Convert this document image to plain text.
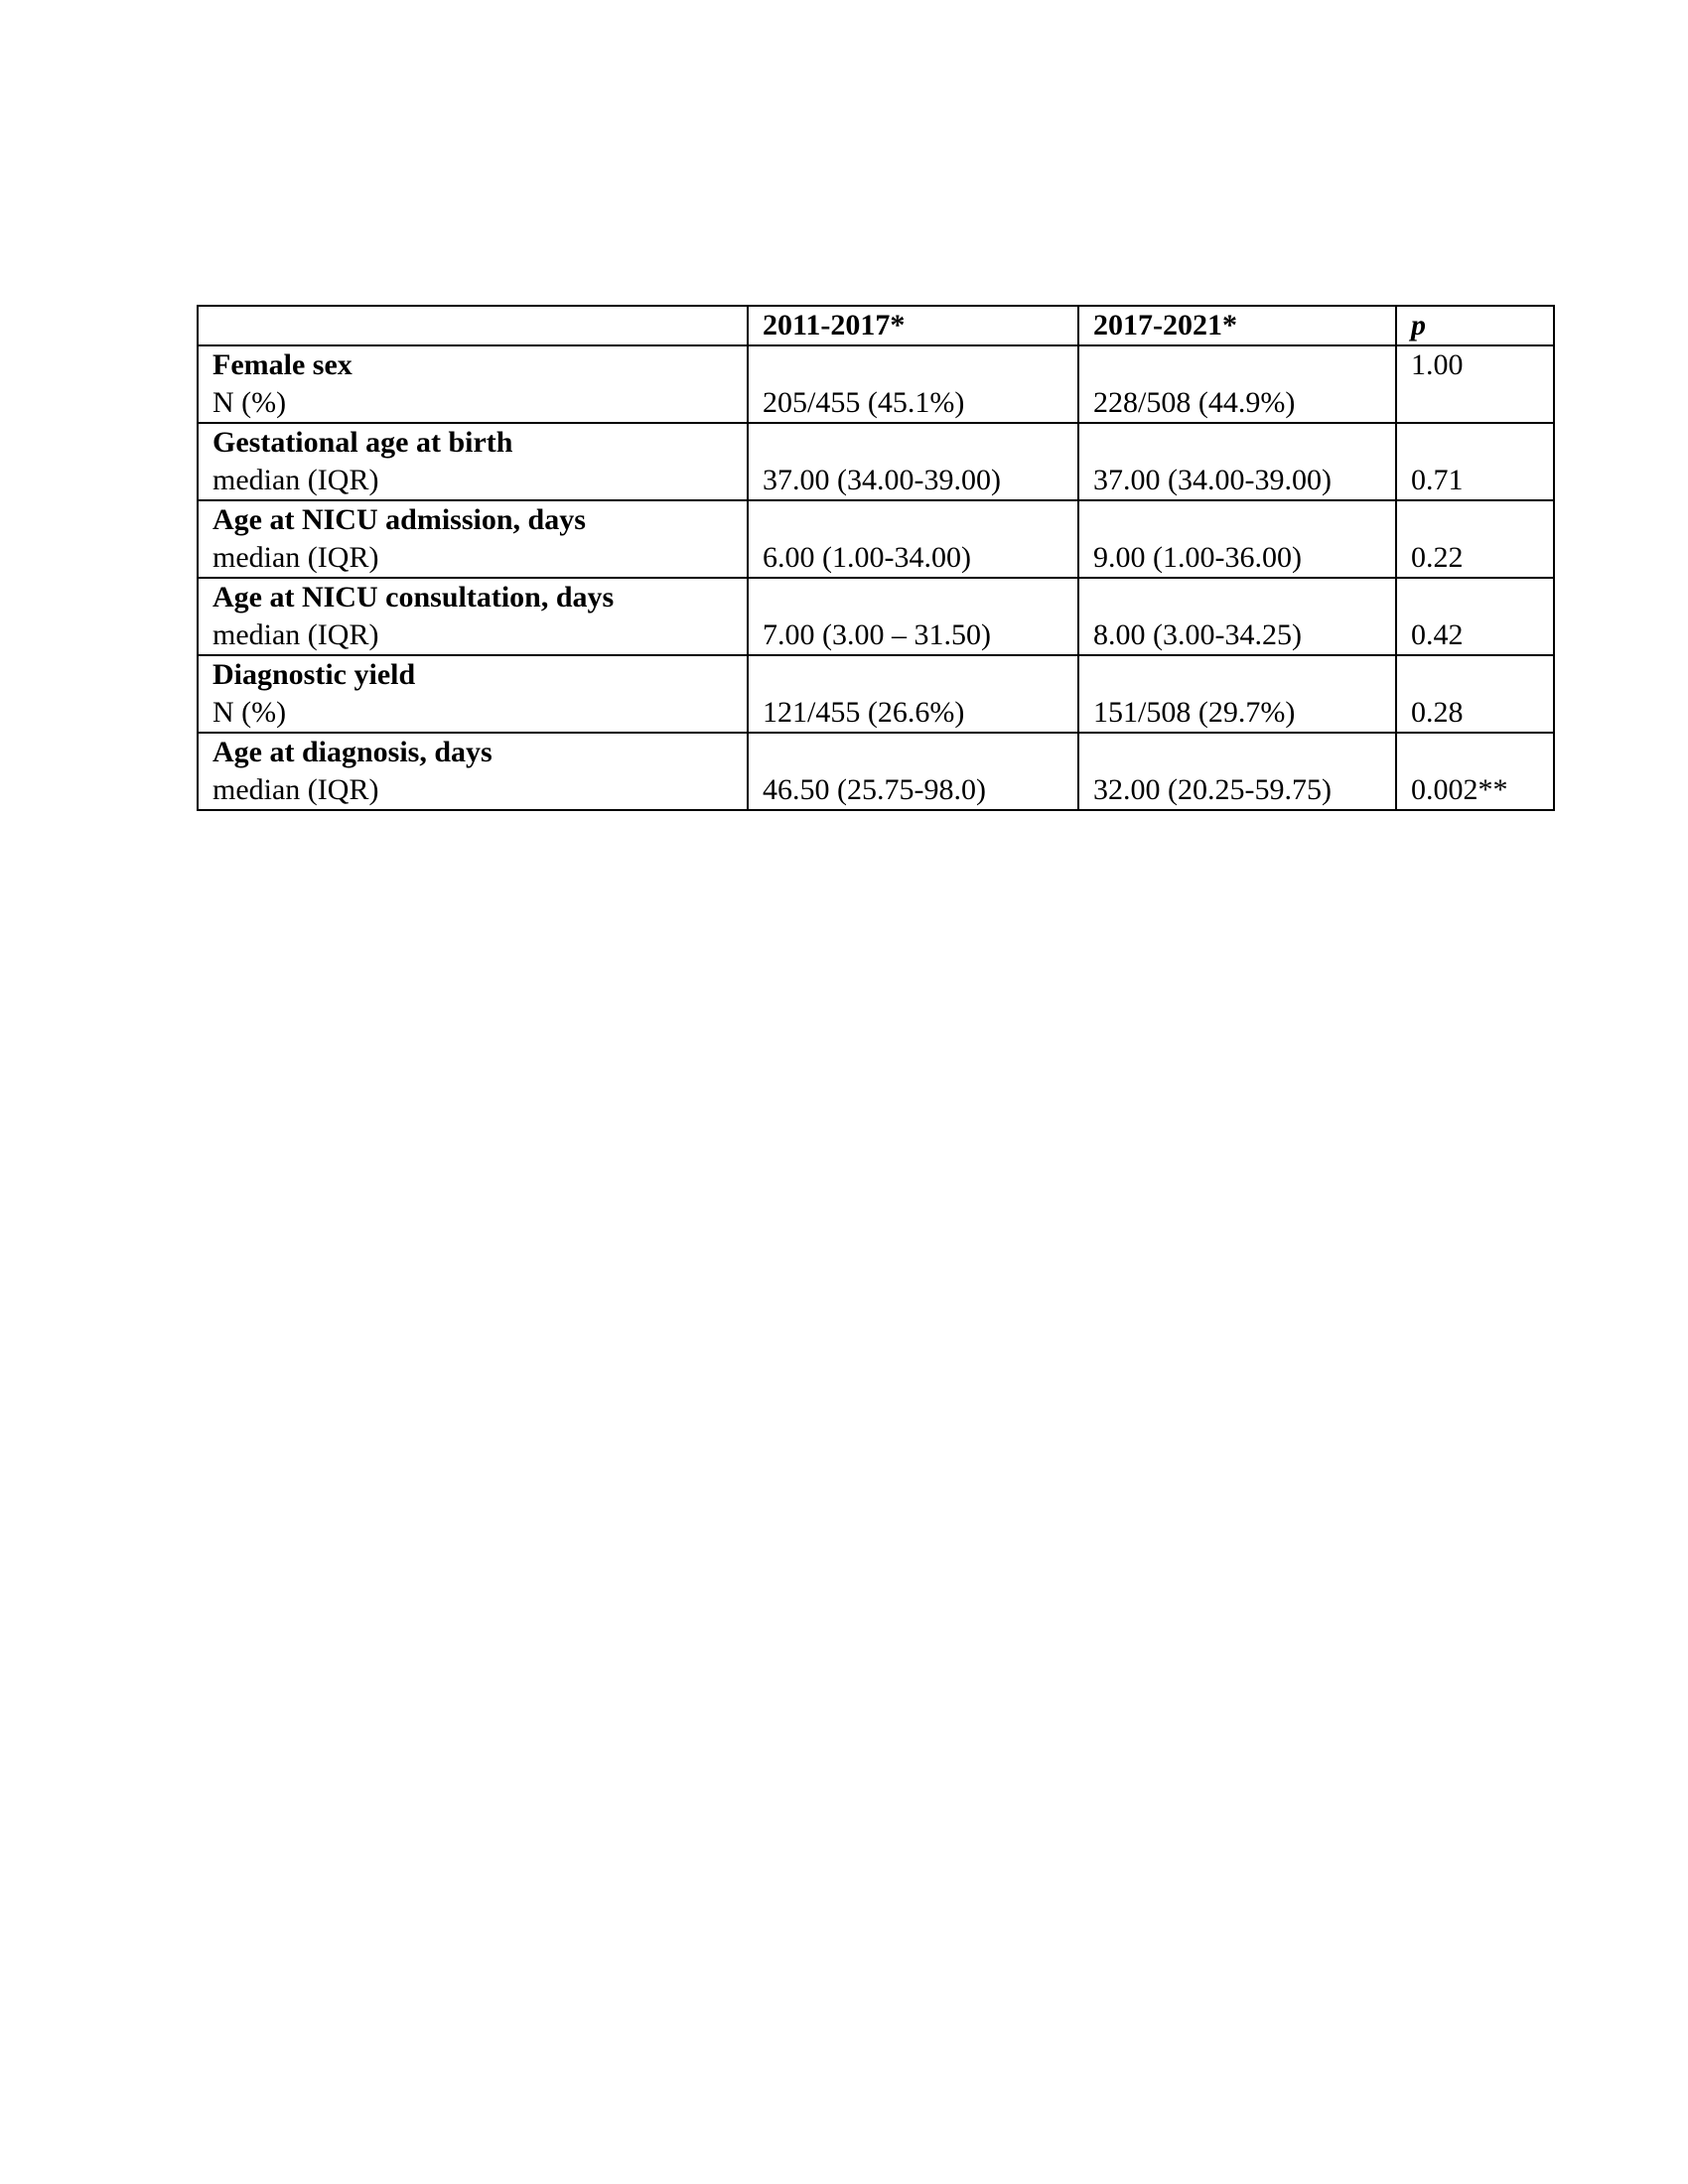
	2011-2017*	2017-2021*	p

Female sex
N (%)	205/455 (45.1%)	228/508 (44.9%)	1.00

Gestational age at birth
median (IQR)	37.00 (34.00-39.00)	37.00 (34.00-39.00)	0.71

Age at NICU admission, days
median (IQR)	6.00 (1.00-34.00)	9.00 (1.00-36.00)	0.22

Age at NICU consultation, days
median (IQR)	7.00 (3.00 – 31.50)	8.00 (3.00-34.25)	0.42

Diagnostic yield
N (%)	121/455 (26.6%)	151/508 (29.7%)	0.28

Age at diagnosis, days
median (IQR)	46.50 (25.75-98.0)	32.00 (20.25-59.75)	0.002**
